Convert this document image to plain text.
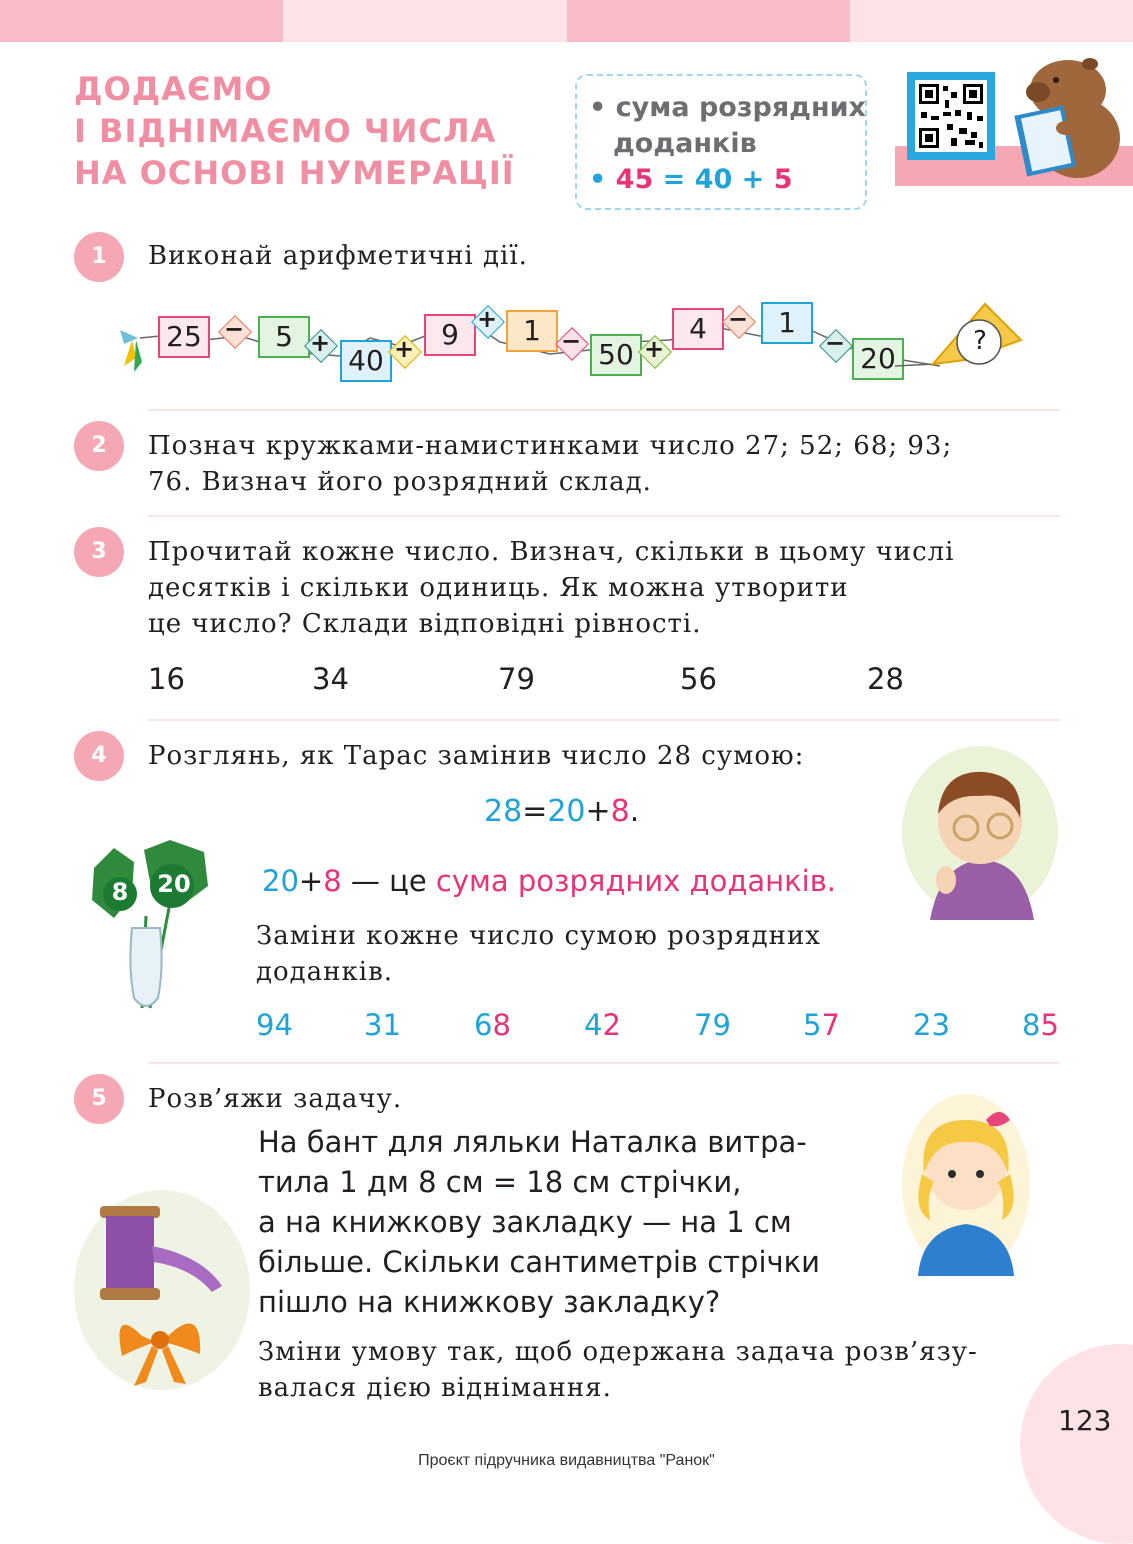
ДОДАЄМО
І ВІДНІМАЄМО ЧИСЛА
НА ОСНОВІ НУМЕРАЦІЇ
• сума розрядних
доданків
• 45 = 40 + 5
1	Виконай арифметичні дії.
25 −	5 +
40 + 9 + 1 − 50 +
4 −	1
− 20
?
2	Познач кружками-намистинками число 27; 52; 68; 93;
76. Визнач його розрядний склад.
3	Прочитай кожне число. Визнач, скільки в цьому числі
десятків і скільки одиниць. Як можна утворити
це число? Склади відповідні рівності.
16	34	79	56	28
4	Розглянь, як Тарас замінив число 28 сумою:
28=20+8.
20+8 — це сума розрядних доданків.
Заміни кожне число сумою розрядних
доданків.
8	20
94 31	68	42	79 57	23 85
5	Розв’яжи задачу.
На бант для ляльки Наталка витра-
тила 1 дм 8 см = 18 см стрічки,
а на книжкову закладку — на 1 см
більше. Скільки сантиметрів стрічки
пішло на книжкову закладку?
Зміни умову так, щоб одержана задача розв’язу-
валася дією віднімання.
123
Проєкт підручника видавництва "Ранок"
